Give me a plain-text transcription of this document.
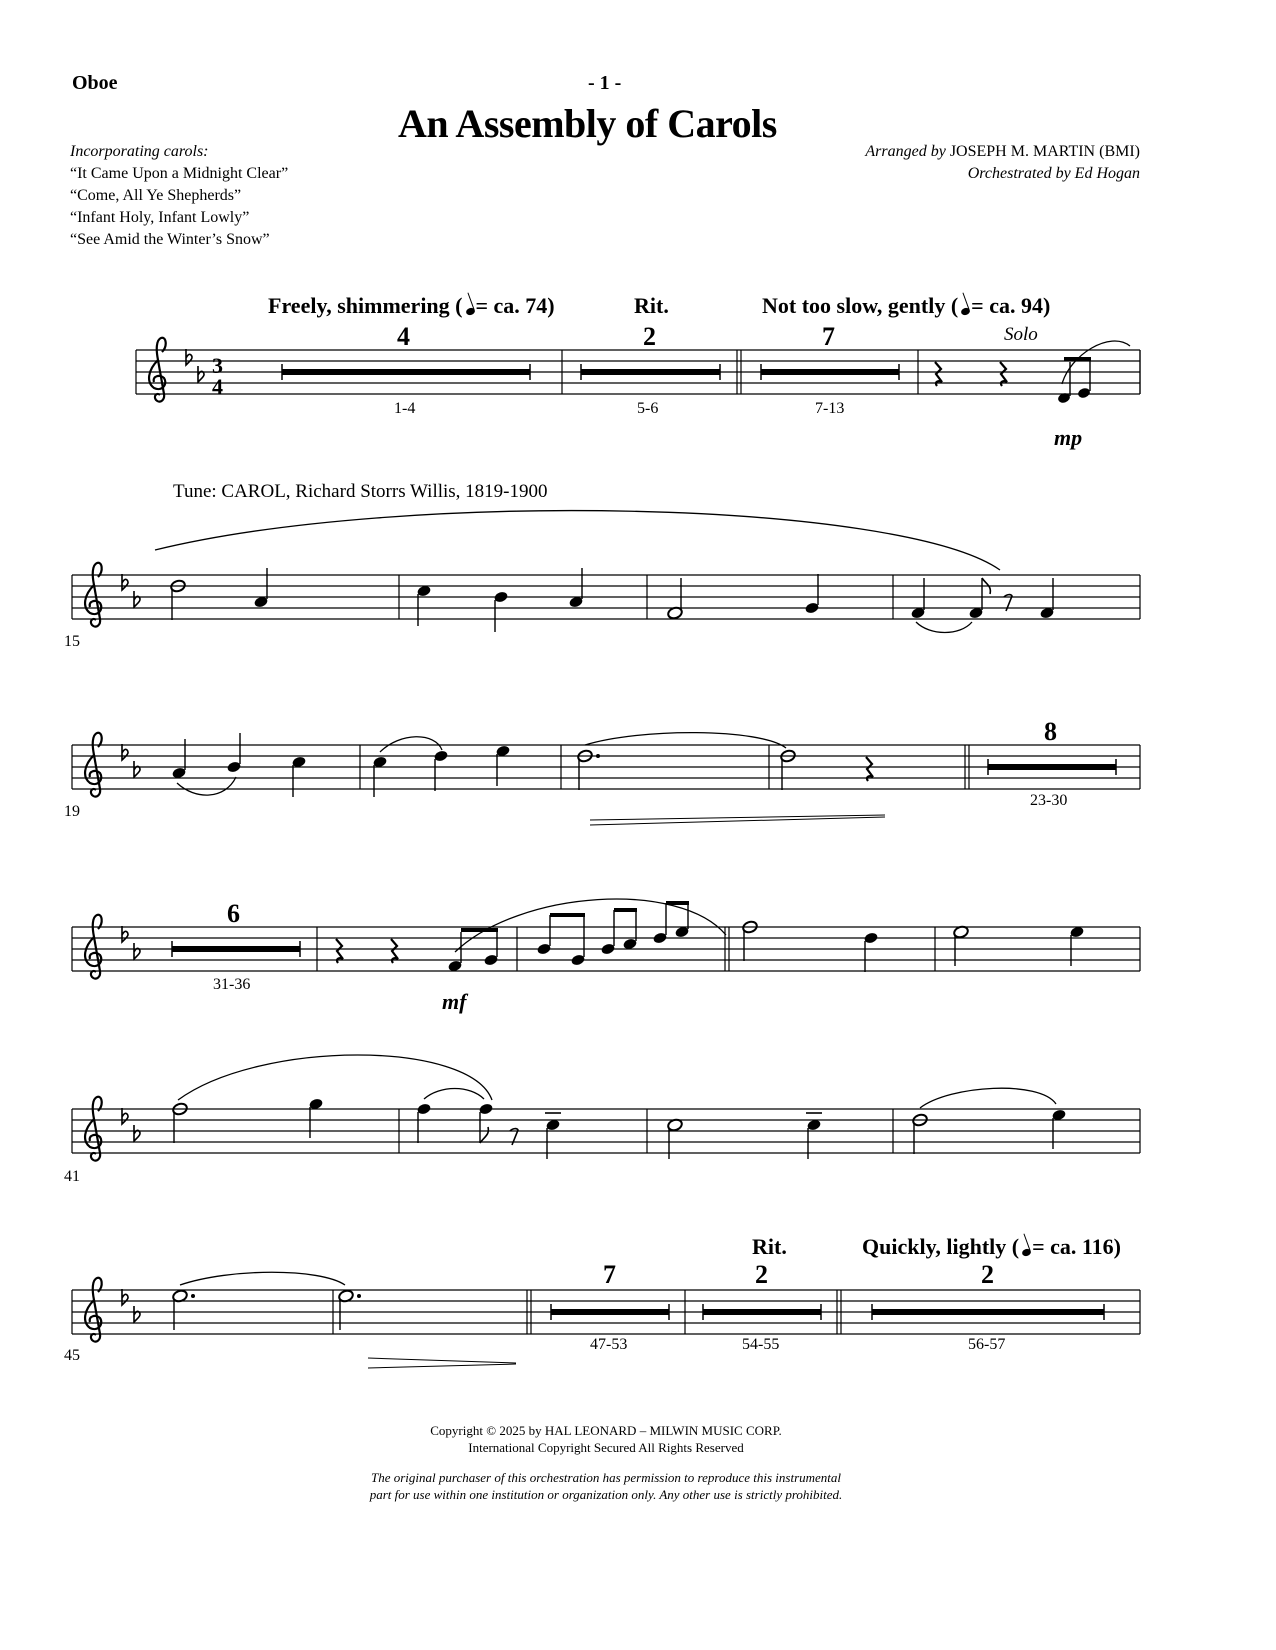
Oboe	- 1 -
An Assembly of Carols
Incorporating carols:
“It Came Upon a Midnight Clear”
“Come, All Ye Shepherds”
“Infant Holy, Infant Lowly”
“See Amid the Winter’s Snow”
Arranged by JOSEPH M. MARTIN (BMI)
Orchestrated by Ed Hogan
Freely, shimmering ( = ca. 74)	Rit.	Not too slow, gently ( = ca. 94)
Solo
Tune: CAROL, Richard Storrs Willis, 1819-1900
Rit.	Quickly, lightly ( = ca. 116)
4
1-4
2
5-6
7
7-13
8
23-30
6
31-36
7
47-53
2
54-55
2
56-57
mp
mf
15
19
41
45
3
4
Copyright © 2025 by HAL LEONARD – MILWIN MUSIC CORP.
International Copyright Secured All Rights Reserved
The original purchaser of this orchestration has permission to reproduce this instrumental
part for use within one institution or organization only. Any other use is strictly prohibited.
